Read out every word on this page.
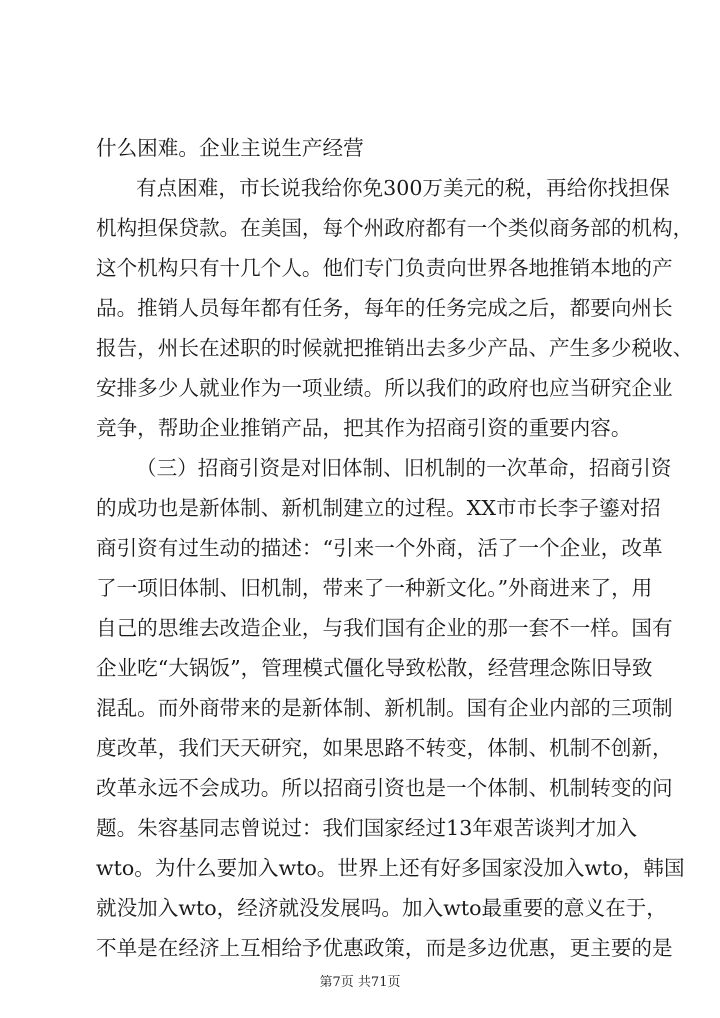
什么困难。企业主说生产经营
有点困难，市长说我给你免300万美元的税，再给你找担保
机构担保贷款。在美国，每个州政府都有一个类似商务部的机构，
这个机构只有十几个人。他们专门负责向世界各地推销本地的产
品。推销人员每年都有任务，每年的任务完成之后，都要向州长
报告，州长在述职的时候就把推销出去多少产品、产生多少税收、
安排多少人就业作为一项业绩。所以我们的政府也应当研究企业
竞争，帮助企业推销产品，把其作为招商引资的重要内容。
（三）招商引资是对旧体制、旧机制的一次革命，招商引资
的成功也是新体制、新机制建立的过程。XX市市长李子鎏对招
商引资有过生动的描述：“引来一个外商，活了一个企业，改革
了一项旧体制、旧机制，带来了一种新文化。”外商进来了，用
自己的思维去改造企业，与我们国有企业的那一套不一样。国有
企业吃“大锅饭”，管理模式僵化导致松散，经营理念陈旧导致
混乱。而外商带来的是新体制、新机制。国有企业内部的三项制
度改革，我们天天研究，如果思路不转变，体制、机制不创新，
改革永远不会成功。所以招商引资也是一个体制、机制转变的问
题。朱容基同志曾说过：我们国家经过13年艰苦谈判才加入
wto。为什么要加入wto。世界上还有好多国家没加入wto，韩国
就没加入wto，经济就没发展吗。加入wto最重要的意义在于，
不单是在经济上互相给予优惠政策，而是多边优惠，更主要的是
第7页 共71页
